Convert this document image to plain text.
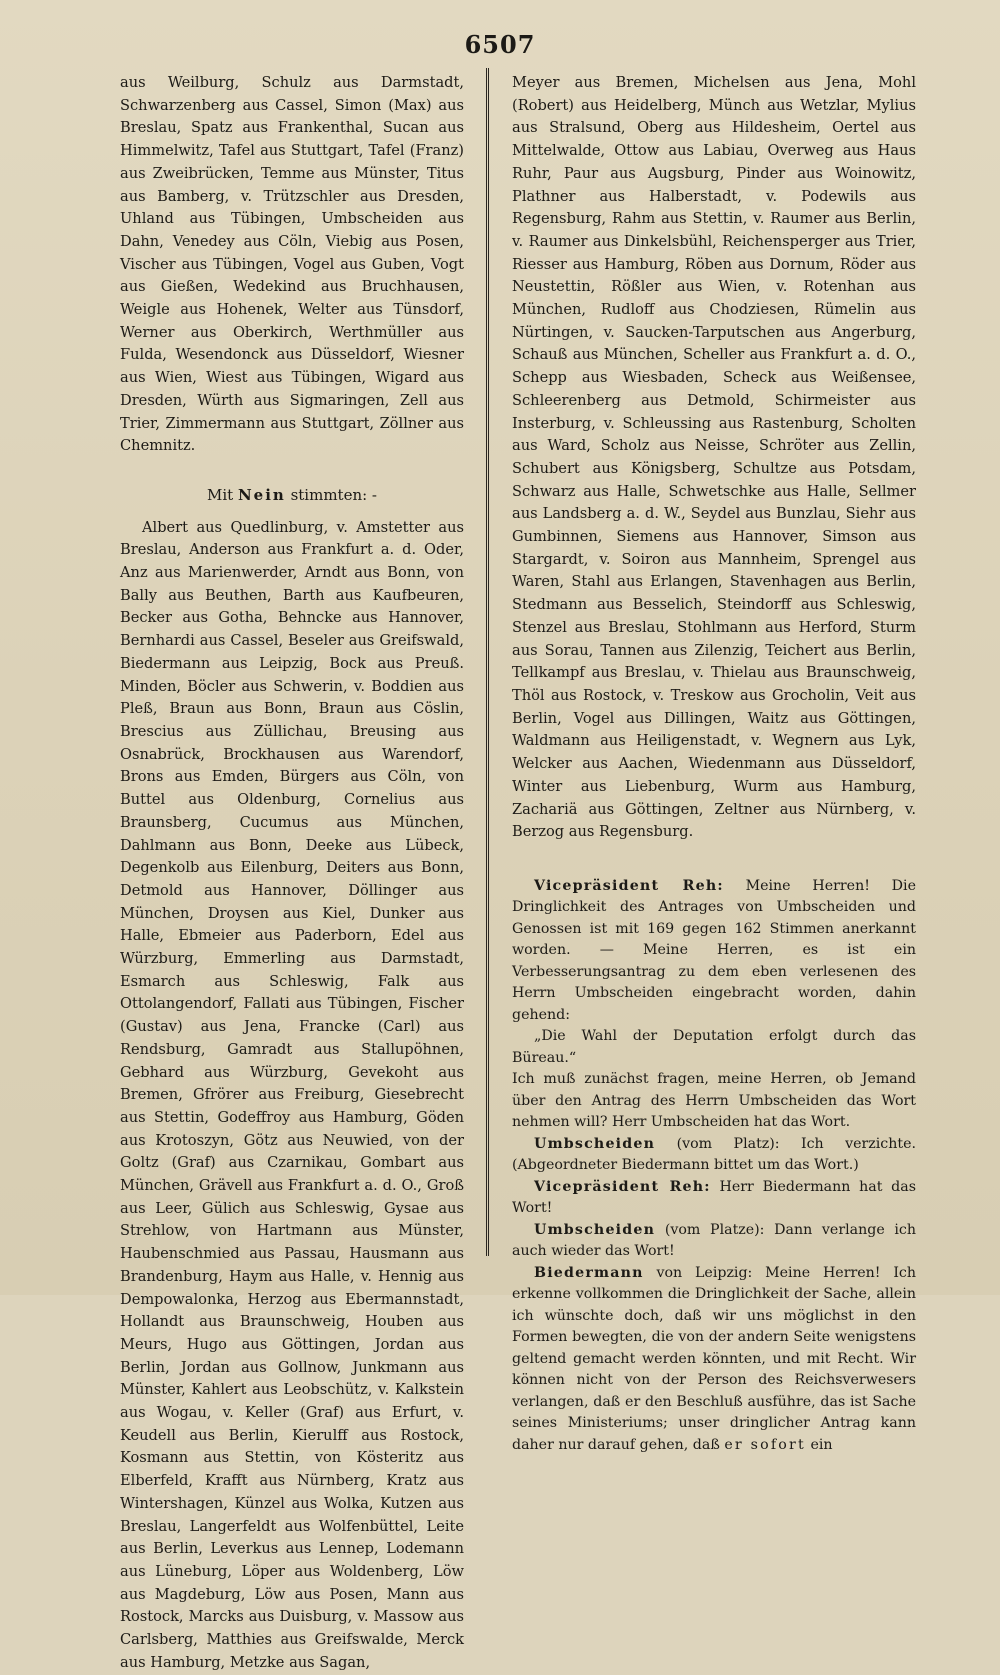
6507

aus Weilburg, Schulz aus Darmstadt, Schwarzenberg aus Cassel, Simon (Max) aus Breslau, Spatz aus Frankenthal, Sucan aus Himmelwitz, Tafel aus Stuttgart, Tafel (Franz) aus Zweibrücken, Temme aus Münster, Titus aus Bamberg, v. Trützschler aus Dresden, Uhland aus Tübingen, Umbscheiden aus Dahn, Venedey aus Cöln, Viebig aus Posen, Vischer aus Tübingen, Vogel aus Guben, Vogt aus Gießen, Wedekind aus Bruchhausen, Weigle aus Hohenek, Welter aus Tünsdorf, Werner aus Oberkirch, Werthmüller aus Fulda, Wesendonck aus Düsseldorf, Wiesner aus Wien, Wiest aus Tübingen, Wigard aus Dresden, Würth aus Sigmaringen, Zell aus Trier, Zimmermann aus Stuttgart, Zöllner aus Chemnitz.

Mit Nein stimmten: -

Albert aus Quedlinburg, v. Amstetter aus Breslau, Anderson aus Frankfurt a. d. Oder, Anz aus Marienwerder, Arndt aus Bonn, von Bally aus Beuthen, Barth aus Kaufbeuren, Becker aus Gotha, Behncke aus Hannover, Bernhardi aus Cassel, Beseler aus Greifswald, Biedermann aus Leipzig, Bock aus Preuß. Minden, Böcler aus Schwerin, v. Boddien aus Pleß, Braun aus Bonn, Braun aus Cöslin, Brescius aus Züllichau, Breusing aus Osnabrück, Brockhausen aus Warendorf, Brons aus Emden, Bürgers aus Cöln, von Buttel aus Oldenburg, Cornelius aus Braunsberg, Cucumus aus München, Dahlmann aus Bonn, Deeke aus Lübeck, Degenkolb aus Eilenburg, Deiters aus Bonn, Detmold aus Hannover, Döllinger aus München, Droysen aus Kiel, Dunker aus Halle, Ebmeier aus Paderborn, Edel aus Würzburg, Emmerling aus Darmstadt, Esmarch aus Schleswig, Falk aus Ottolangendorf, Fallati aus Tübingen, Fischer (Gustav) aus Jena, Francke (Carl) aus Rendsburg, Gamradt aus Stallupöhnen, Gebhard aus Würzburg, Gevekoht aus Bremen, Gfrörer aus Freiburg, Giesebrecht aus Stettin, Godeffroy aus Hamburg, Göden aus Krotoszyn, Götz aus Neuwied, von der Goltz (Graf) aus Czarnikau, Gombart aus München, Grävell aus Frankfurt a. d. O., Groß aus Leer, Gülich aus Schleswig, Gysae aus Strehlow, von Hartmann aus Münster, Haubenschmied aus Passau, Hausmann aus Brandenburg, Haym aus Halle, v. Hennig aus Dempowalonka, Herzog aus Ebermannstadt, Hollandt aus Braunschweig, Houben aus Meurs, Hugo aus Göttingen, Jordan aus Berlin, Jordan aus Gollnow, Junkmann aus Münster, Kahlert aus Leobschütz, v. Kalkstein aus Wogau, v. Keller (Graf) aus Erfurt, v. Keudell aus Berlin, Kierulff aus Rostock, Kosmann aus Stettin, von Kösteritz aus Elberfeld, Krafft aus Nürnberg, Kratz aus Wintershagen, Künzel aus Wolka, Kutzen aus Breslau, Langerfeldt aus Wolfenbüttel, Leite aus Berlin, Leverkus aus Lennep, Lodemann aus Lüneburg, Löper aus Woldenberg, Löw aus Magdeburg, Löw aus Posen, Mann aus Rostock, Marcks aus Duisburg, v. Massow aus Carlsberg, Matthies aus Greifswalde, Merck aus Hamburg, Metzke aus Sagan,

Meyer aus Bremen, Michelsen aus Jena, Mohl (Robert) aus Heidelberg, Münch aus Wetzlar, Mylius aus Stralsund, Oberg aus Hildesheim, Oertel aus Mittelwalde, Ottow aus Labiau, Overweg aus Haus Ruhr, Paur aus Augsburg, Pinder aus Woinowitz, Plathner aus Halberstadt, v. Podewils aus Regensburg, Rahm aus Stettin, v. Raumer aus Berlin, v. Raumer aus Dinkelsbühl, Reichensperger aus Trier, Riesser aus Hamburg, Röben aus Dornum, Röder aus Neustettin, Rößler aus Wien, v. Rotenhan aus München, Rudloff aus Chodziesen, Rümelin aus Nürtingen, v. Saucken-Tarputschen aus Angerburg, Schauß aus München, Scheller aus Frankfurt a. d. O., Schepp aus Wiesbaden, Scheck aus Weißensee, Schleerenberg aus Detmold, Schirmeister aus Insterburg, v. Schleussing aus Rastenburg, Scholten aus Ward, Scholz aus Neisse, Schröter aus Zellin, Schubert aus Königsberg, Schultze aus Potsdam, Schwarz aus Halle, Schwetschke aus Halle, Sellmer aus Landsberg a. d. W., Seydel aus Bunzlau, Siehr aus Gumbinnen, Siemens aus Hannover, Simson aus Stargardt, v. Soiron aus Mannheim, Sprengel aus Waren, Stahl aus Erlangen, Stavenhagen aus Berlin, Stedmann aus Besselich, Steindorff aus Schleswig, Stenzel aus Breslau, Stohlmann aus Herford, Sturm aus Sorau, Tannen aus Zilenzig, Teichert aus Berlin, Tellkampf aus Breslau, v. Thielau aus Braunschweig, Thöl aus Rostock, v. Treskow aus Grocholin, Veit aus Berlin, Vogel aus Dillingen, Waitz aus Göttingen, Waldmann aus Heiligenstadt, v. Wegnern aus Lyk, Welcker aus Aachen, Wiedenmann aus Düsseldorf, Winter aus Liebenburg, Wurm aus Hamburg, Zachariä aus Göttingen, Zeltner aus Nürnberg, v. Berzog aus Regensburg.

Vicepräsident Reh: Meine Herren! Die Dringlichkeit des Antrages von Umbscheiden und Genossen ist mit 169 gegen 162 Stimmen anerkannt worden. — Meine Herren, es ist ein Verbesserungsantrag zu dem eben verlesenen des Herrn Umbscheiden eingebracht worden, dahin gehend:

„Die Wahl der Deputation erfolgt durch das Büreau.“

Ich muß zunächst fragen, meine Herren, ob Jemand über den Antrag des Herrn Umbscheiden das Wort nehmen will? Herr Umbscheiden hat das Wort.

Umbscheiden (vom Platz): Ich verzichte. (Abgeordneter Biedermann bittet um das Wort.)

Vicepräsident Reh: Herr Biedermann hat das Wort!

Umbscheiden (vom Platze): Dann verlange ich auch wieder das Wort!

Biedermann von Leipzig: Meine Herren! Ich erkenne vollkommen die Dringlichkeit der Sache, allein ich wünschte doch, daß wir uns möglichst in den Formen bewegten, die von der andern Seite wenigstens geltend gemacht werden könnten, und mit Recht. Wir können nicht von der Person des Reichsverwesers verlangen, daß er den Beschluß ausführe, das ist Sache seines Ministeriums; unser dringlicher Antrag kann daher nur darauf gehen, daß er sofort ein
